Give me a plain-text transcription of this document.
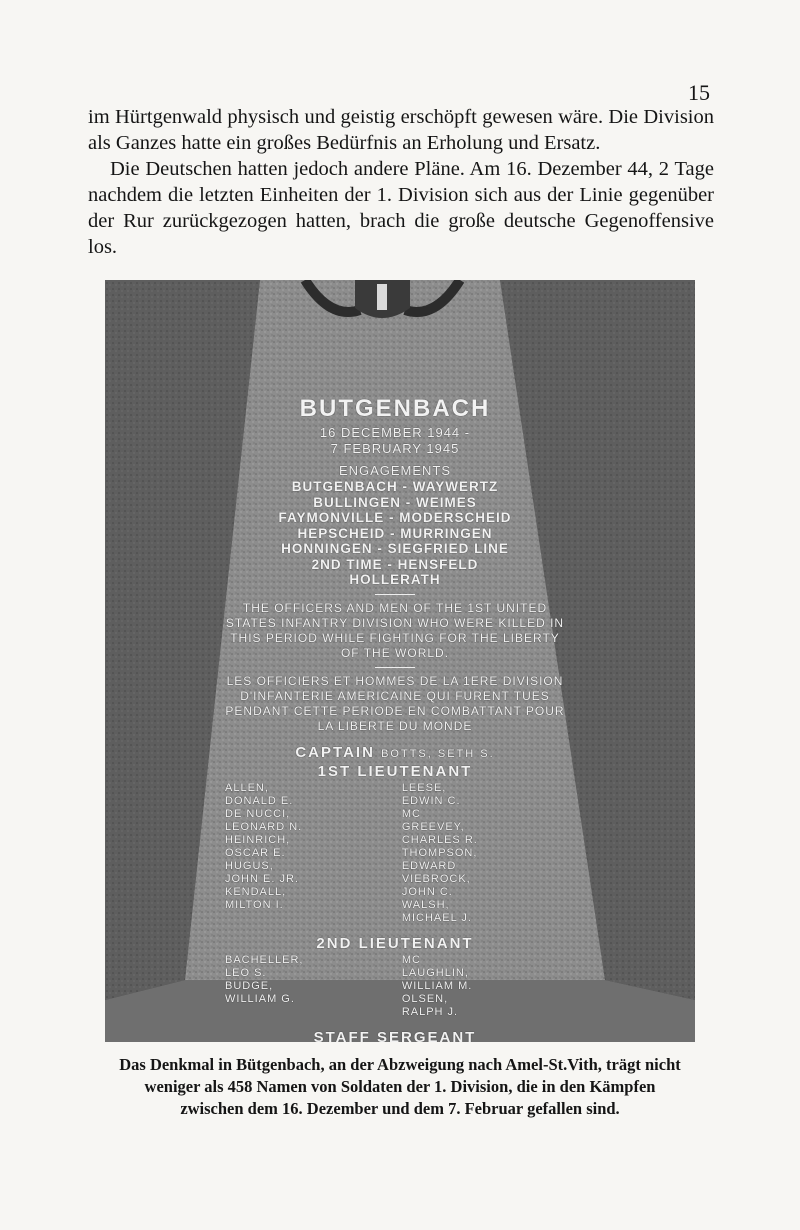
15

im Hürtgenwald physisch und geistig erschöpft gewesen wäre. Die Division als Ganzes hatte ein großes Bedürfnis an Erholung und Ersatz.

Die Deutschen hatten jedoch andere Pläne. Am 16. Dezember 44, 2 Tage nachdem die letzten Einheiten der 1. Division sich aus der Linie gegenüber der Rur zurückgezogen hatten, brach die große deutsche Gegenoffensive los.

BUTGENBACH
16 DECEMBER 1944 -
7 FEBRUARY 1945
ENGAGEMENTS
BUTGENBACH - WAYWERTZ
BULLINGEN - WEIMES
FAYMONVILLE - MODERSCHEID
HEPSCHEID - MURRINGEN
HONNINGEN - SIEGFRIED LINE
2ND TIME - HENSFELD
HOLLERATH
THE OFFICERS AND MEN OF THE 1ST UNITED STATES INFANTRY DIVISION WHO WERE KILLED IN THIS PERIOD WHILE FIGHTING FOR THE LIBERTY OF THE WORLD.
LES OFFICIERS ET HOMMES DE LA 1ERE DIVISION D'INFANTERIE AMERICAINE QUI FURENT TUES PENDANT CETTE PERIODE EN COMBATTANT POUR LA LIBERTE DU MONDE
CAPTAIN BOTTS, SETH S.
1ST LIEUTENANT
ALLEN, DONALD E.
DE NUCCI, LEONARD N.
HEINRICH, OSCAR E.
HUGUS, JOHN E. JR.
KENDALL, MILTON I.
LEESE, EDWIN C.
MC GREEVEY, CHARLES R.
THOMPSON, EDWARD
VIEBROCK, JOHN C.
WALSH, MICHAEL J.
2ND LIEUTENANT
BACHELLER, LEO S.
BUDGE, WILLIAM G.
MC LAUGHLIN, WILLIAM M.
OLSEN, RALPH J.
STAFF SERGEANT

Das Denkmal in Bütgenbach, an der Abzweigung nach Amel-St.Vith, trägt nicht

weniger als 458 Namen von Soldaten der 1. Division, die in den Kämpfen

zwischen dem 16. Dezember und dem 7. Februar gefallen sind.
